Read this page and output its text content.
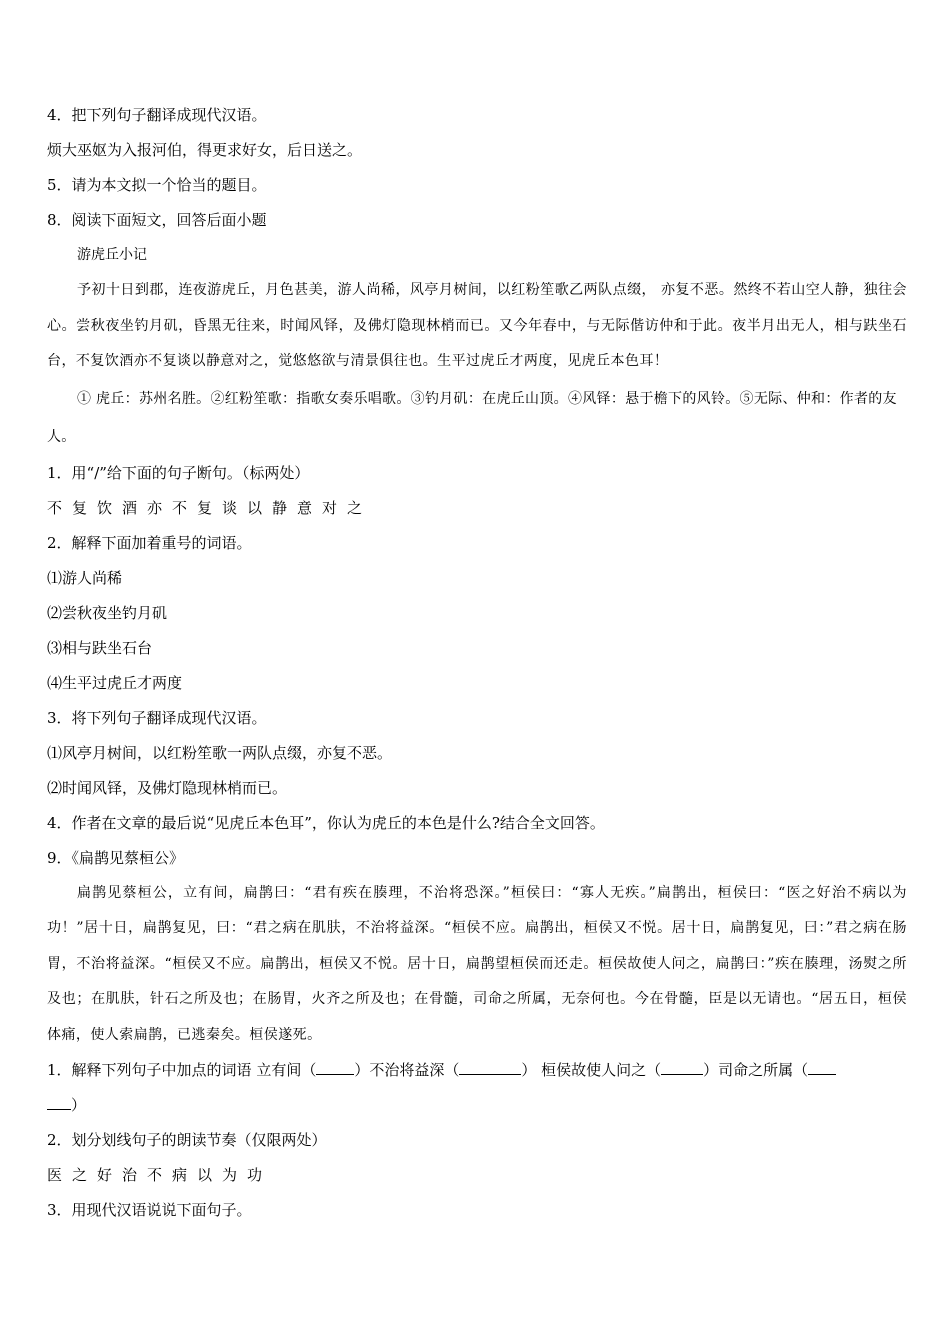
4．把下列句子翻译成现代汉语。
烦大巫妪为入报河伯，得更求好女，后日送之。
5．请为本文拟一个恰当的题目。
8．阅读下面短文，回答后面小题
游虎丘小记
予初十日到郡，连夜游虎丘，月色甚美，游人尚稀，风亭月树间，以红粉笙歌乙两队点缀， 亦复不恶。然终不若山空人静，独往会心。尝秋夜坐钓月矶，昏黑无往来，时闻风铎，及佛灯隐现林梢而已。又今年春中，与无际偕访仲和于此。夜半月出无人，相与趺坐石台，不复饮酒亦不复谈以静意对之，觉悠悠欲与清景俱往也。生平过虎丘才两度，见虎丘本色耳！
① 虎丘：苏州名胜。②红粉笙歌：指歌女奏乐唱歌。③钓月矶：在虎丘山顶。④风铎：悬于檐下的风铃。⑤无际、仲和：作者的友人。
1．用“/”给下面的句子断句。（标两处）
不复饮酒亦不复谈以静意对之
2．解释下面加着重号的词语。
⑴游人尚稀
⑵尝秋夜坐钓月矶
⑶相与趺坐石台
⑷生平过虎丘才两度
3．将下列句子翻译成现代汉语。
⑴风亭月树间，以红粉笙歌一两队点缀，亦复不恶。
⑵时闻风铎，及佛灯隐现林梢而已。
4．作者在文章的最后说“见虎丘本色耳”，你认为虎丘的本色是什么?结合全文回答。
9．《扁鹊见蔡桓公》
扁鹊见蔡桓公，立有间，扁鹊曰：“君有疾在腠理，不治将恐深。”桓侯曰：“寡人无疾。”扁鹊出，桓侯曰：“医之好治不病以为功！”居十日，扁鹊复见，曰：“君之病在肌肤，不治将益深。“桓侯不应。扁鹊出，桓侯又不悦。居十日，扁鹊复见，曰：”君之病在肠胃，不治将益深。“桓侯又不应。扁鹊出，桓侯又不悦。居十日，扁鹊望桓侯而还走。桓侯故使人问之，扁鹊曰：”疾在腠理，汤熨之所及也；在肌肤，针石之所及也；在肠胃，火齐之所及也；在骨髓，司命之所属，无奈何也。今在骨髓，臣是以无请也。“居五日，桓侯体痛，使人索扁鹊，已逃秦矣。桓侯遂死。
1．解释下列句子中加点的词语 立有间（	）不治将益深（	） 桓侯故使人问之（	）司命之所属（
）
2．划分划线句子的朗读节奏（仅限两处）
医之好治不病以为功
3．用现代汉语说说下面句子。
